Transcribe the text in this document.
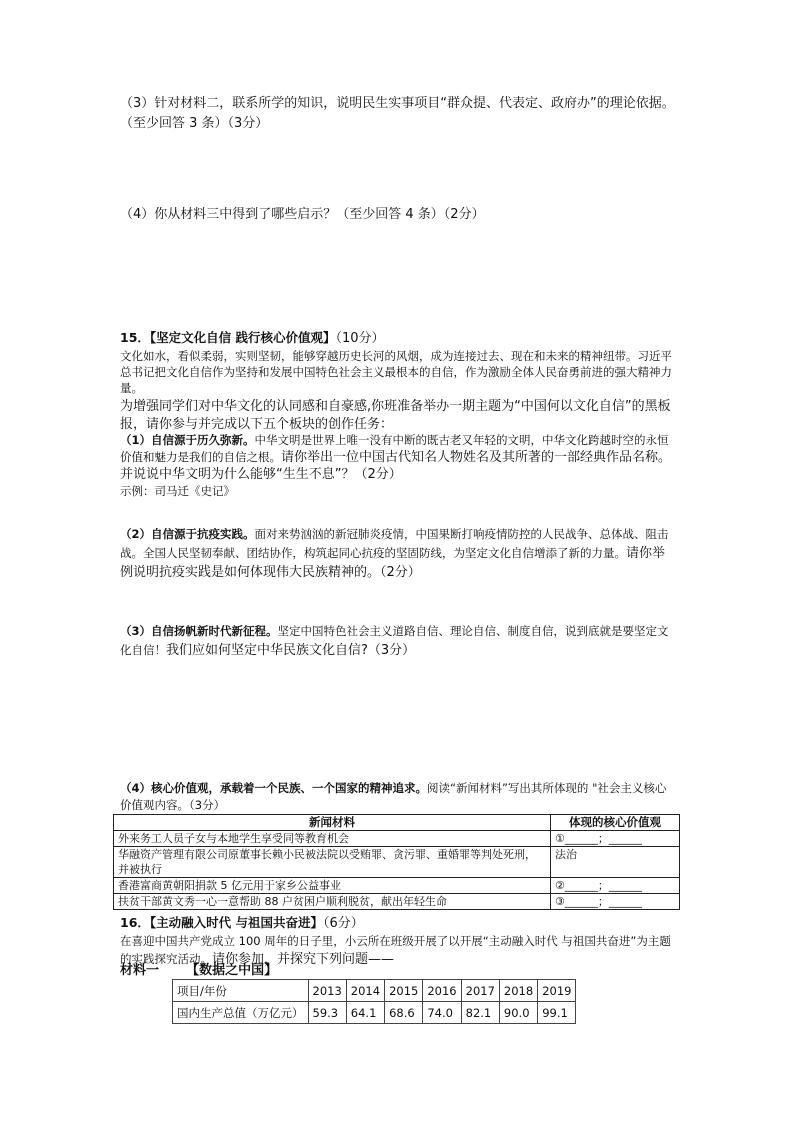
（3）针对材料二，联系所学的知识，说明民生实事项目“群众提、代表定、政府办”的理论依据。（至少回答 3 条）（3分）

（4）你从材料三中得到了哪些启示？（至少回答 4 条）（2分）

15．【坚定文化自信 践行核心价值观】（10分）

文化如水，看似柔弱，实则坚韧，能够穿越历史长河的风烟，成为连接过去、现在和未来的精神纽带。习近平总书记把文化自信作为坚持和发展中国特色社会主义最根本的自信，作为激励全体人民奋勇前进的强大精神力量。

为增强同学们对中华文化的认同感和自豪感,你班准备举办一期主题为“中国何以文化自信”的黑板报，请你参与并完成以下五个板块的创作任务：

（1）自信源于历久弥新。中华文明是世界上唯一没有中断的既古老又年轻的文明，中华文化跨越时空的永恒价值和魅力是我们的自信之根。请你举出一位中国古代知名人物姓名及其所著的一部经典作品名称。并说说中华文明为什么能够“生生不息”？（2分）

示例：司马迁《史记》

（2）自信源于抗疫实践。面对来势汹汹的新冠肺炎疫情，中国果断打响疫情防控的人民战争、总体战、阻击战。全国人民坚韧奉献、团结协作，构筑起同心抗疫的坚固防线，为坚定文化自信增添了新的力量。请你举例说明抗疫实践是如何体现伟大民族精神的。（2分）

（3）自信扬帆新时代新征程。坚定中国特色社会主义道路自信、理论自信、制度自信，说到底就是要坚定文化自信！我们应如何坚定中华民族文化自信?（3分）

（4）核心价值观，承载着一个民族、一个国家的精神追求。阅读“新闻材料”写出其所体现的 "社会主义核心价值观内容。（3分）

新闻材料	体现的核心价值观
外来务工人员子女与本地学生享受同等教育机会	①______；______
华融资产管理有限公司原董事长赖小民被法院以受贿罪、贪污罪、重婚罪等判处死刑，并被执行	法治
香港富商黄朝阳捐款 5 亿元用于家乡公益事业	②______；______
扶贫干部黄文秀一心一意帮助 88 户贫困户顺利脱贫，献出年轻生命	③______；______

16．【主动融入时代 与祖国共奋进】（6分）

在喜迎中国共产党成立 100 周年的日子里，小云所在班级开展了以开展“主动融入时代 与祖国共奋进”为主题的实践探究活动。请你参加，并探究下列问题——

材料一 【数据之中国】

项目/年份	2013	2014	2015	2016	2017	2018	2019
国内生产总值（万亿元）	59.3	64.1	68.6	74.0	82.1	90.0	99.1
